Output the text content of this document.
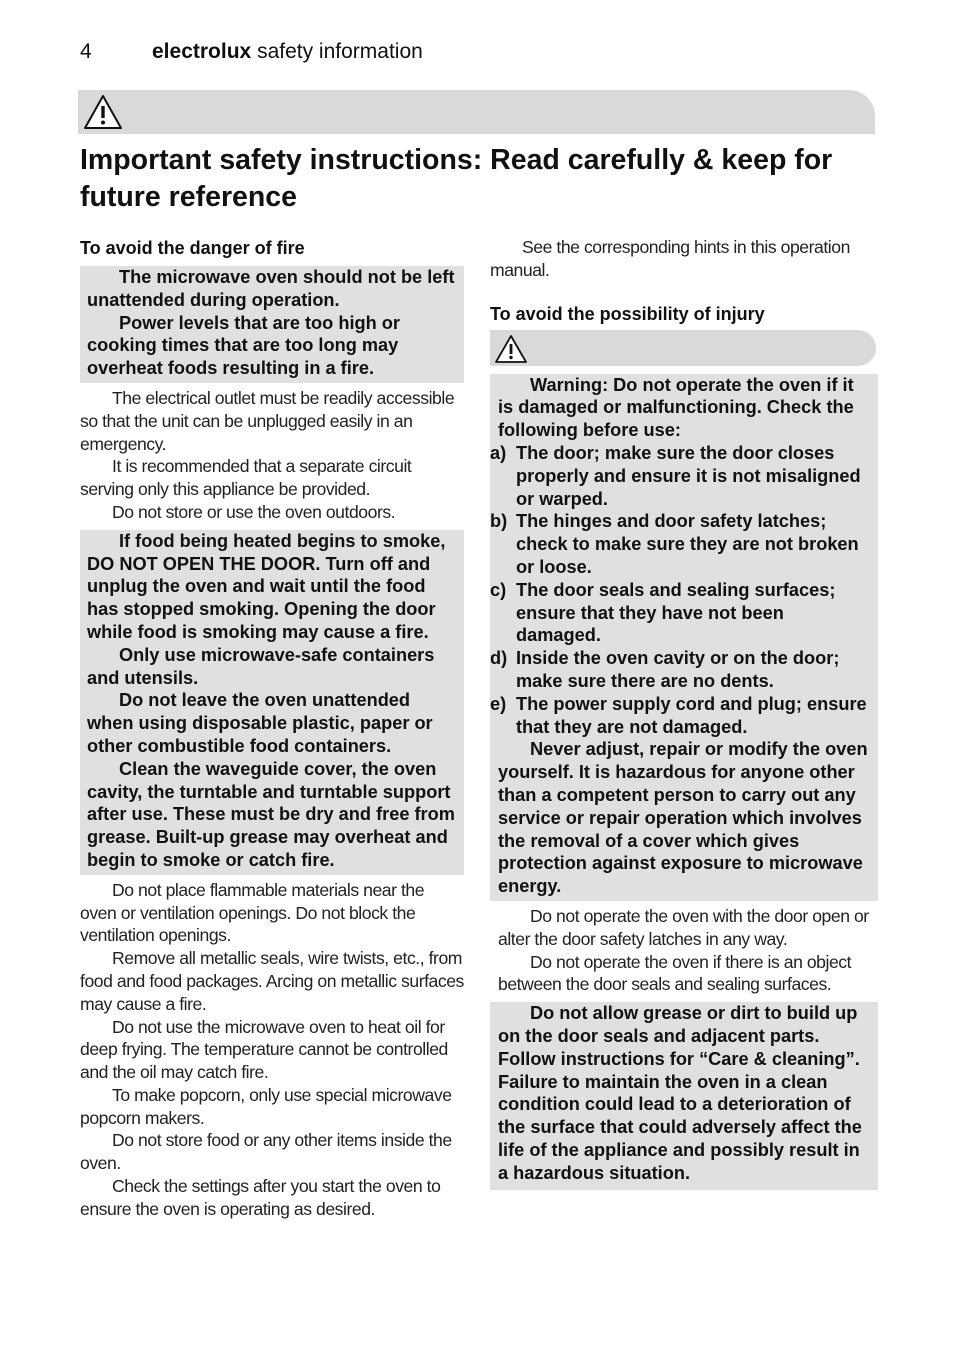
4	electrolux safety information
Important safety instructions: Read carefully & keep for future reference
To avoid the danger of fire

The microwave oven should not be left unattended during operation.

Power levels that are too high or cooking times that are too long may overheat foods resulting in a fire.

The electrical outlet must be readily accessible so that the unit can be unplugged easily in an emergency.

It is recommended that a separate circuit serving only this appliance be provided.

Do not store or use the oven outdoors.

If food being heated begins to smoke, DO NOT OPEN THE DOOR. Turn off and unplug the oven and wait until the food has stopped smoking. Opening the door while food is smoking may cause a fire.

Only use microwave-safe containers and utensils.

Do not leave the oven unattended when using disposable plastic, paper or other combustible food containers.

Clean the waveguide cover, the oven cavity, the turntable and turntable support after use. These must be dry and free from grease. Built-up grease may overheat and begin to smoke or catch fire.

Do not place flammable materials near the oven or ventilation openings. Do not block the ventilation openings.

Remove all metallic seals, wire twists, etc., from food and food packages. Arcing on metallic surfaces may cause a fire.

Do not use the microwave oven to heat oil for deep frying. The temperature cannot be controlled and the oil may catch fire.

To make popcorn, only use special microwave popcorn makers.

Do not store food or any other items inside the oven.

Check the settings after you start the oven to ensure the oven is operating as desired.

See the corresponding hints in this operation manual.

To avoid the possibility of injury

Warning: Do not operate the oven if it is damaged or malfunctioning. Check the following before use:

a) The door; make sure the door closes properly and ensure it is not misaligned or warped.
b) The hinges and door safety latches; check to make sure they are not broken or loose.
c) The door seals and sealing surfaces; ensure that they have not been damaged.
d) Inside the oven cavity or on the door; make sure there are no dents.
e) The power supply cord and plug; ensure that they are not damaged.

Never adjust, repair or modify the oven yourself. It is hazardous for anyone other than a competent person to carry out any service or repair operation which involves the removal of a cover which gives protection against exposure to microwave energy.

Do not operate the oven with the door open or alter the door safety latches in any way.

Do not operate the oven if there is an object between the door seals and sealing surfaces.

Do not allow grease or dirt to build up on the door seals and adjacent parts. Follow instructions for “Care & cleaning”. Failure to maintain the oven in a clean condition could lead to a deterioration of the surface that could adversely affect the life of the appliance and possibly result in a hazardous situation.
